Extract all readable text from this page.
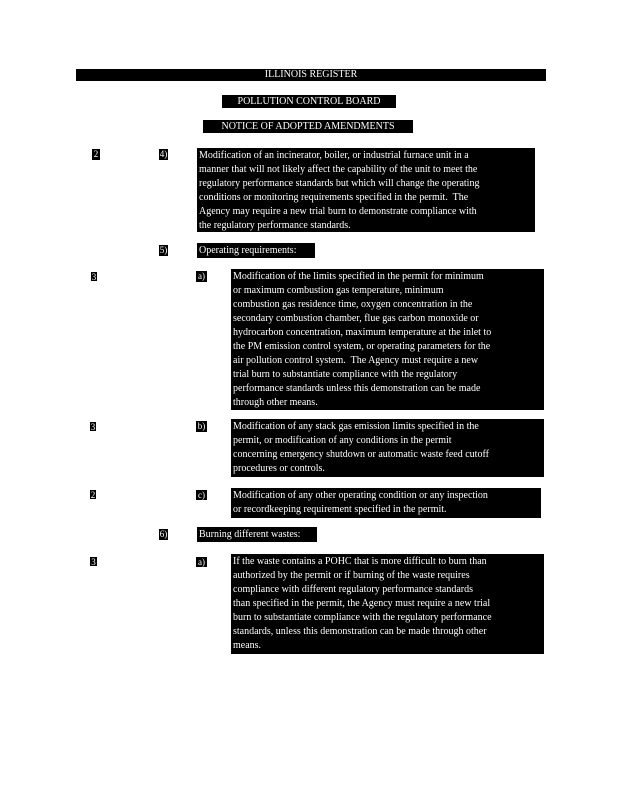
ILLINOIS REGISTER
POLLUTION CONTROL BOARD
NOTICE OF ADOPTED AMENDMENTS
2	4)	Modification of an incinerator, boiler, or industrial furnace unit in a

manner that will not likely affect the capability of the unit to meet the

regulatory performance standards but which will change the operating

conditions or monitoring requirements specified in the permit.  The

Agency may require a new trial burn to demonstrate compliance with

the regulatory performance standards.

5)	Operating requirements:

3	a)	Modification of the limits specified in the permit for minimum

or maximum combustion gas temperature, minimum

combustion gas residence time, oxygen concentration in the

secondary combustion chamber, flue gas carbon monoxide or

hydrocarbon concentration, maximum temperature at the inlet to

the PM emission control system, or operating parameters for the

air pollution control system.  The Agency must require a new

trial burn to substantiate compliance with the regulatory

performance standards unless this demonstration can be made

through other means.

3	b)	Modification of any stack gas emission limits specified in the

permit, or modification of any conditions in the permit

concerning emergency shutdown or automatic waste feed cutoff

procedures or controls.

2	c)	Modification of any other operating condition or any inspection

or recordkeeping requirement specified in the permit.

6)	Burning different wastes:

3	a)	If the waste contains a POHC that is more difficult to burn than

authorized by the permit or if burning of the waste requires

compliance with different regulatory performance standards

than specified in the permit, the Agency must require a new trial

burn to substantiate compliance with the regulatory performance

standards, unless this demonstration can be made through other

means.
